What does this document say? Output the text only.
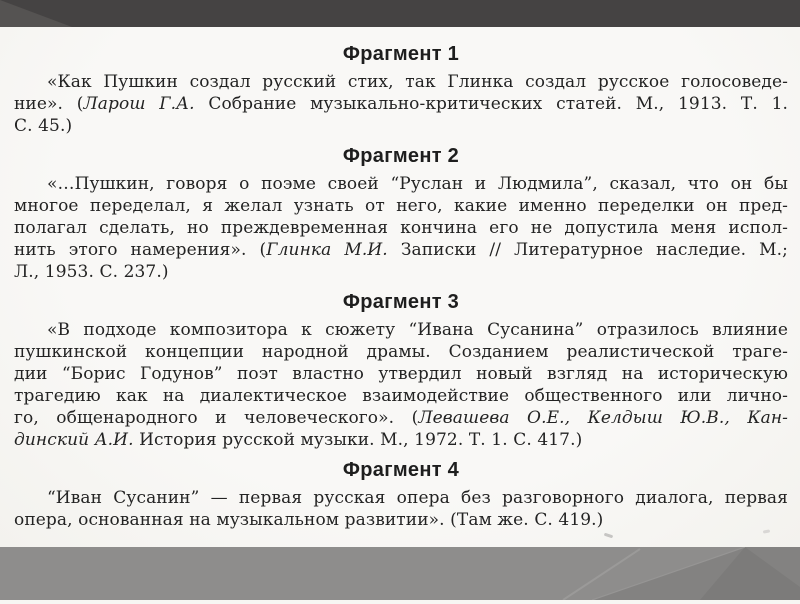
Фрагмент 1
«Как Пушкин создал русский стих, так Глинка создал русское голосоведе-
ние». (Ларош Г.А. Собрание музыкально-критических статей. М., 1913. Т. 1.
С. 45.)
Фрагмент 2
«…Пушкин, говоря о поэме своей “Руслан и Людмила”, сказал, что он бы
многое переделал, я желал узнать от него, какие именно переделки он пред-
полагал сделать, но преждевременная кончина его не допустила меня испол-
нить этого намерения». (Глинка М.И. Записки // Литературное наследие. М.;
Л., 1953. С. 237.)
Фрагмент 3
«В подходе композитора к сюжету “Ивана Сусанина” отразилось влияние
пушкинской концепции народной драмы. Созданием реалистической траге-
дии “Борис Годунов” поэт властно утвердил новый взгляд на историческую
трагедию как на диалектическое взаимодействие общественного или лично-
го, общенародного и человеческого». (Левашева О.Е., Келдыш Ю.В., Кан-
динский А.И. История русской музыки. М., 1972. Т. 1. С. 417.)
Фрагмент 4
“Иван Сусанин” — первая русская опера без разговорного диалога, первая
опера, основанная на музыкальном развитии». (Там же. С. 419.)
